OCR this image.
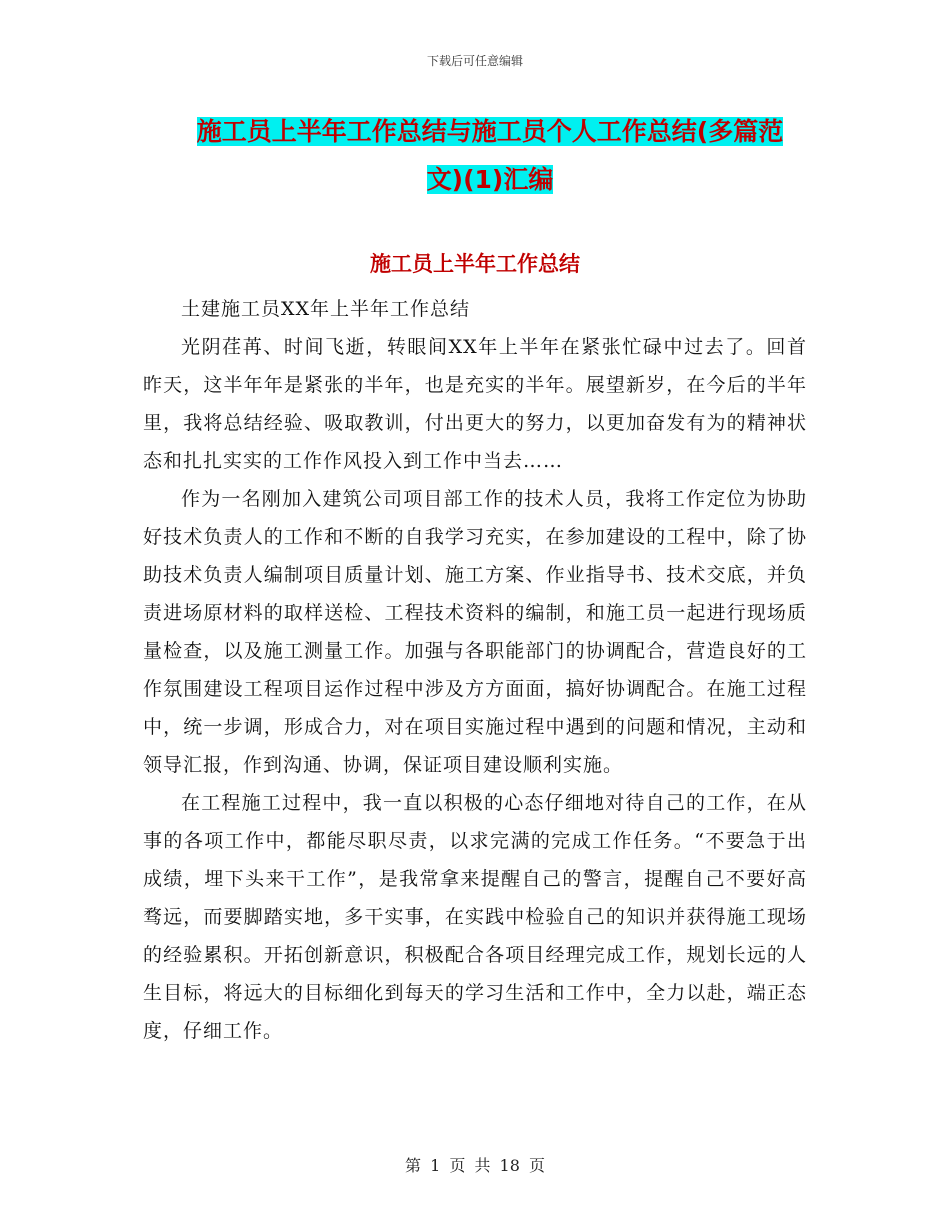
下载后可任意编辑
施工员上半年工作总结与施工员个人工作总结(多篇范
文)(1)汇编
施工员上半年工作总结

土建施工员XX年上半年工作总结

光阴荏苒、时间飞逝，转眼间XX年上半年在紧张忙碌中过去了。回首昨天，这半年年是紧张的半年，也是充实的半年。展望新岁，在今后的半年里，我将总结经验、吸取教训，付出更大的努力，以更加奋发有为的精神状态和扎扎实实的工作作风投入到工作中当去……

作为一名刚加入建筑公司项目部工作的技术人员，我将工作定位为协助好技术负责人的工作和不断的自我学习充实，在参加建设的工程中，除了协助技术负责人编制项目质量计划、施工方案、作业指导书、技术交底，并负责进场原材料的取样送检、工程技术资料的编制，和施工员一起进行现场质量检查，以及施工测量工作。加强与各职能部门的协调配合，营造良好的工作氛围建设工程项目运作过程中涉及方方面面，搞好协调配合。在施工过程中，统一步调，形成合力，对在项目实施过程中遇到的问题和情况，主动和领导汇报，作到沟通、协调，保证项目建设顺利实施。

在工程施工过程中，我一直以积极的心态仔细地对待自己的工作，在从事的各项工作中，都能尽职尽责，以求完满的完成工作任务。“不要急于出成绩，埋下头来干工作”，是我常拿来提醒自己的警言，提醒自己不要好高骛远，而要脚踏实地，多干实事，在实践中检验自己的知识并获得施工现场的经验累积。开拓创新意识，积极配合各项目经理完成工作，规划长远的人生目标，将远大的目标细化到每天的学习生活和工作中，全力以赴，端正态度，仔细工作。

第 1 页 共 18 页
